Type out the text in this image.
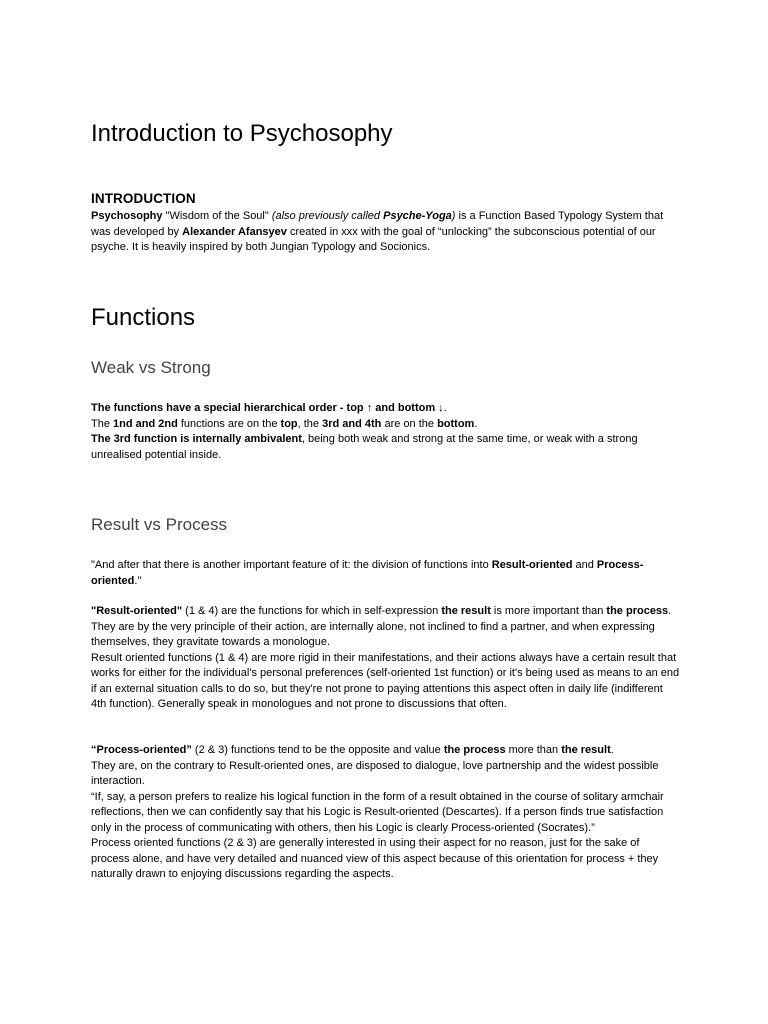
Introduction to Psychosophy
INTRODUCTION

Psychosophy "Wisdom of the Soul" (also previously called Psyche-Yoga) is a Function Based Typology System that was developed by Alexander Afansyev created in xxx with the goal of “unlocking” the subconscious potential of our psyche. It is heavily inspired by both Jungian Typology and Socionics.

Functions
Weak vs Strong
The functions have a special hierarchical order - top ↑ and bottom ↓.
The 1nd and 2nd functions are on the top, the 3rd and 4th are on the bottom.
The 3rd function is internally ambivalent, being both weak and strong at the same time, or weak with a strong unrealised potential inside.
Result vs Process

"And after that there is another important feature of it: the division of functions into Result-oriented and Process-oriented."

"Result-oriented" (1 & 4) are the functions for which in self-expression the result is more important than the process.
They are by the very principle of their action, are internally alone, not inclined to find a partner, and when expressing themselves, they gravitate towards a monologue.
Result oriented functions (1 & 4) are more rigid in their manifestations, and their actions always have a certain result that works for either for the individual's personal preferences (self-oriented 1st function) or it's being used as means to an end if an external situation calls to do so, but they're not prone to paying attentions this aspect often in daily life (indifferent 4th function). Generally speak in monologues and not prone to discussions that often.
“Process-oriented” (2 & 3) functions tend to be the opposite and value the process more than the result.
They are, on the contrary to Result-oriented ones, are disposed to dialogue, love partnership and the widest possible interaction.
“If, say, a person prefers to realize his logical function in the form of a result obtained in the course of solitary armchair reflections, then we can confidently say that his Logic is Result-oriented (Descartes). If a person finds true satisfaction only in the process of communicating with others, then his Logic is clearly Process-oriented (Socrates).”
Process oriented functions (2 & 3) are generally interested in using their aspect for no reason, just for the sake of process alone, and have very detailed and nuanced view of this aspect because of this orientation for process + they naturally drawn to enjoying discussions regarding the aspects.
